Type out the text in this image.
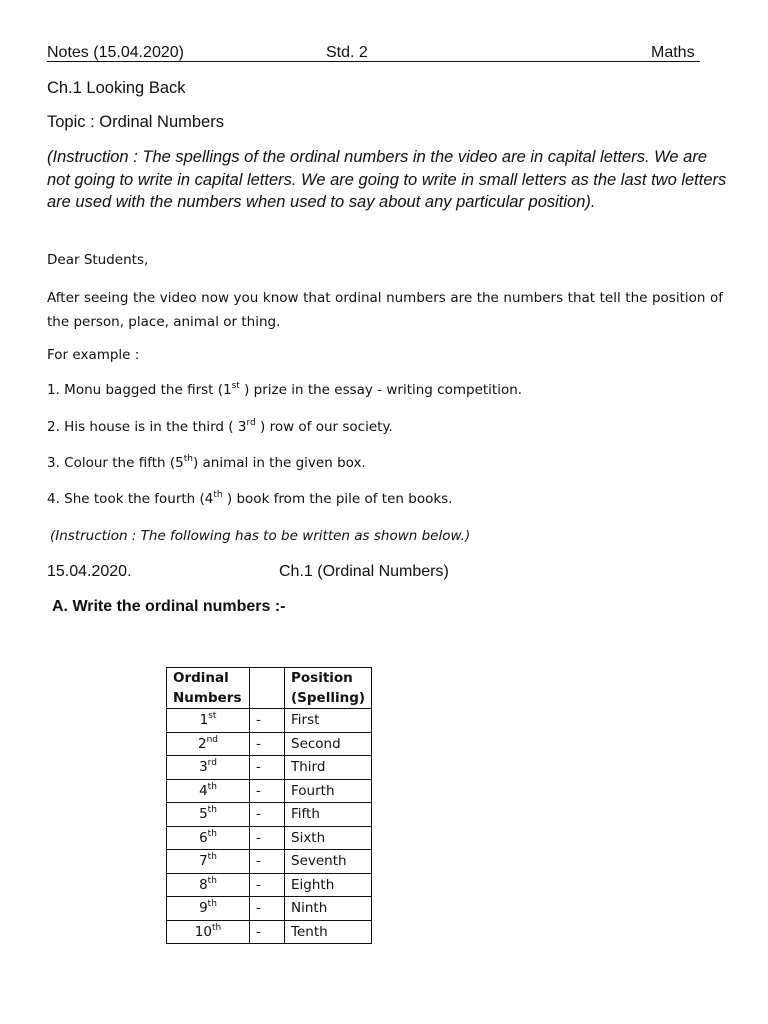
Notes (15.04.2020)	Std. 2	Maths
Ch.1 Looking Back
Topic : Ordinal Numbers
(Instruction : The spellings of the ordinal numbers in the video are in capital letters. We are not going to write in capital letters. We are going to write in small letters as the last two letters are used with the numbers when used to say about any particular position).
Dear Students,
After seeing the video now you know that ordinal numbers are the numbers that tell the position of the person, place, animal or thing.
For example :
1. Monu bagged the first (1st ) prize in the essay - writing competition.
2. His house is in the third ( 3rd ) row of our society.
3. Colour the fifth (5th) animal in the given box.
4. She took the fourth (4th ) book from the pile of ten books.
(Instruction : The following has to be written as shown below.)
15.04.2020.	Ch.1 (Ordinal Numbers)
A. Write the ordinal numbers :-
Ordinal
Numbers		Position
(Spelling)
1st	-	First
2nd	-	Second
3rd	-	Third
4th	-	Fourth
5th	-	Fifth
6th	-	Sixth
7th	-	Seventh
8th	-	Eighth
9th	-	Ninth
10th	-	Tenth
